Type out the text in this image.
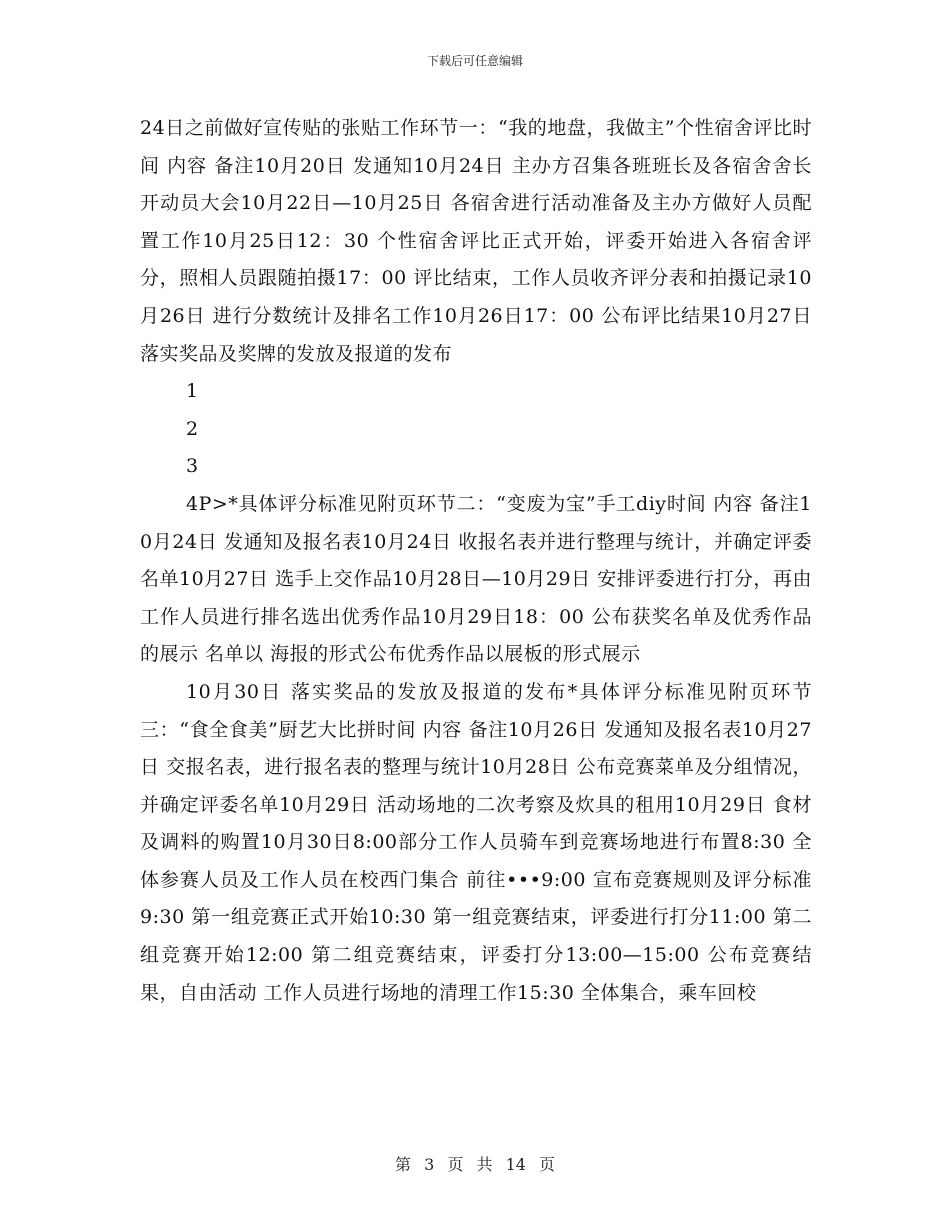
下载后可任意编辑

24日之前做好宣传贴的张贴工作环节一：“我的地盘，我做主”个性宿舍评比时间 内容 备注10月20日 发通知10月24日 主办方召集各班班长及各宿舍舍长开动员大会10月22日—10月25日 各宿舍进行活动准备及主办方做好人员配置工作10月25日12：30 个性宿舍评比正式开始，评委开始进入各宿舍评分，照相人员跟随拍摄17：00 评比结束，工作人员收齐评分表和拍摄记录10月26日 进行分数统计及排名工作10月26日17：00 公布评比结果10月27日 落实奖品及奖牌的发放及报道的发布

1

2

3

4P>*具体评分标准见附页环节二：“变废为宝”手工diy时间 内容 备注10月24日 发通知及报名表10月24日 收报名表并进行整理与统计，并确定评委名单10月27日 选手上交作品10月28日—10月29日 安排评委进行打分，再由工作人员进行排名选出优秀作品10月29日18：00 公布获奖名单及优秀作品的展示 名单以 海报的形式公布优秀作品以展板的形式展示

10月30日 落实奖品的发放及报道的发布*具体评分标准见附页环节三：“食全食美”厨艺大比拼时间 内容 备注10月26日 发通知及报名表10月27日 交报名表，进行报名表的整理与统计10月28日 公布竞赛菜单及分组情况，并确定评委名单10月29日 活动场地的二次考察及炊具的租用10月29日 食材及调料的购置10月30日8:00部分工作人员骑车到竞赛场地进行布置8:30 全体参赛人员及工作人员在校西门集合 前往•••9:00 宣布竞赛规则及评分标准9:30 第一组竞赛正式开始10:30 第一组竞赛结束，评委进行打分11:00 第二组竞赛开始12:00 第二组竞赛结束，评委打分13:00—15:00 公布竞赛结果，自由活动 工作人员进行场地的清理工作15:30 全体集合，乘车回校

第 3 页 共 14 页
